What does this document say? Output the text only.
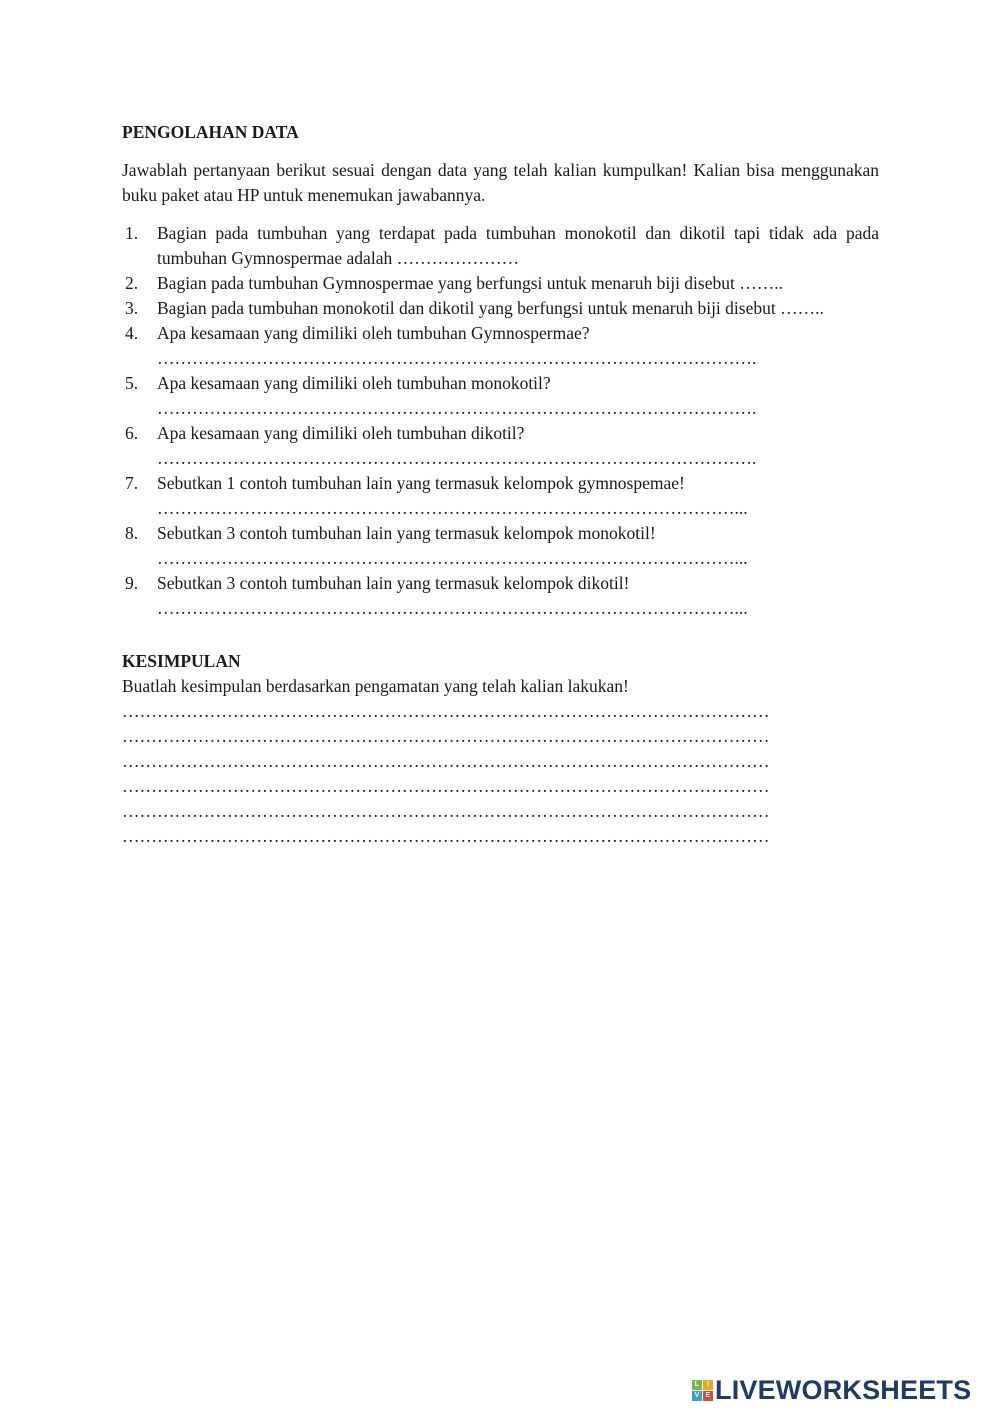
PENGOLAHAN DATA

Jawablah pertanyaan berikut sesuai dengan data yang telah kalian kumpulkan! Kalian bisa menggunakan buku paket atau HP untuk menemukan jawabannya.

1. Bagian pada tumbuhan yang terdapat pada tumbuhan monokotil dan dikotil tapi tidak ada pada tumbuhan Gymnospermae adalah …………………
2. Bagian pada tumbuhan Gymnospermae yang berfungsi untuk menaruh biji disebut ……..
3. Bagian pada tumbuhan monokotil dan dikotil yang berfungsi untuk menaruh biji disebut ……..
4. Apa kesamaan yang dimiliki oleh tumbuhan Gymnospermae?
………………………………………………………………………………………….
5. Apa kesamaan yang dimiliki oleh tumbuhan monokotil?
………………………………………………………………………………………….
6. Apa kesamaan yang dimiliki oleh tumbuhan dikotil?
………………………………………………………………………………………….
7. Sebutkan 1 contoh tumbuhan lain yang termasuk kelompok gymnospemae!
………………………………………………………………………………………...
8. Sebutkan 3 contoh tumbuhan lain yang termasuk kelompok monokotil!
………………………………………………………………………………………...
9. Sebutkan 3 contoh tumbuhan lain yang termasuk kelompok dikotil!
………………………………………………………………………………………...

KESIMPULAN

Buatlah kesimpulan berdasarkan pengamatan yang telah kalian lakukan!

…………………………………………………………………………………………………
…………………………………………………………………………………………………
…………………………………………………………………………………………………
…………………………………………………………………………………………………
…………………………………………………………………………………………………
…………………………………………………………………………………………………
L	I
V E LIVEWORKSHEETS
